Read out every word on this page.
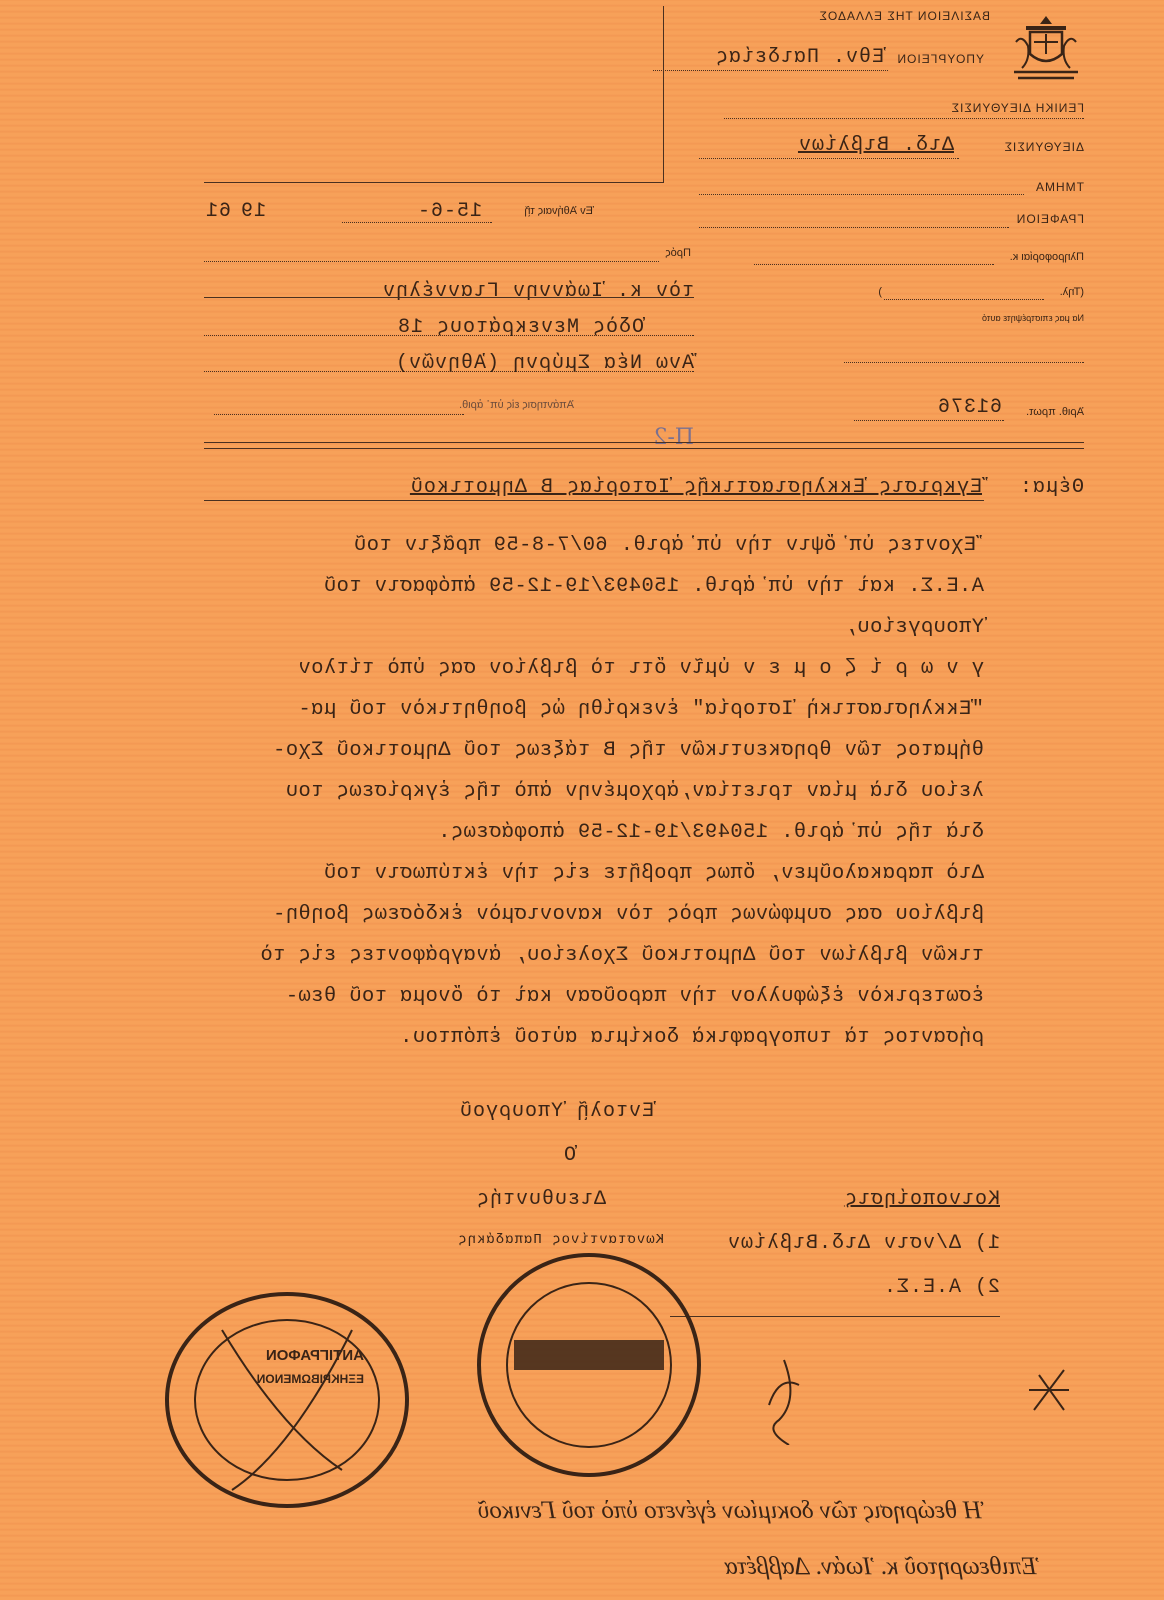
ΒΑΣΙΛΕΙΟΝ ΤΗΣ ΕΛΛΑΔΟΣ
ΥΠΟΥΡΓΕΙΟΝ
Ἐθν. Παιδείας
ΓΕΝΙΚΗ ΔΙΕΥΘΥΝΣΙΣ
ΔΙΕΥΘΥΝΣΙΣ
Διδ. Βιβλίων
ΤΜΗΜΑ
ΓΡΑΦΕΙΟΝ
Πληροφορίαι κ.
(Τηλ.
)
Να μας επιστρέψητε αυτό
Ἀριθ. πρωτ.
61376
Ἀπάντησις εἰς ὑπ᾿ ἀριθ.
Ἐν Ἀθήναις τῇ
15-6-
19
61
Πρός
τὸν κ. Ἰωάννην Γιαννέλην
Ὁδὸς Μενεκράτους 18
Ἄνω Νέα Σμύρνη (Ἀθηνῶν)
Π-2
Θέμα:
Ἔγκρισις Ἐκκλησιαστικῆς Ἱστορίας Β Δημοτικοῦ
Ἔχοντες ὑπ᾿ὄψιν τὴν ὑπ᾿ἀριθ. 60/7-8-59 πρᾶξιν τοῦ
Α.Ε.Σ. καὶ τὴν ὑπ᾿ἀριθ. 150493/19-12-59 ἀπόφασιν τοῦ
Ὑπουργείου,
γ ν ω ρ ί ζ ο μ ε ν ὑμῖν ὅτι τὸ βιβλίον σας ὑπὸ τίτλον
"Ἐκκλησιαστικὴ Ἱστορία" ἐνεκρίθη ὡς βοηθητικὸν τοῦ μα-
θήματος τῶν θρησκευτικῶν τῆς Β τάξεως τοῦ Δημοτικοῦ Σχο-
λείου διὰ μίαν τριετίαν,ἀρχομένην ἀπὸ τῆς ἐγκρίσεως του
διὰ τῆς ὑπ᾿ἀριθ. 150493/19-12-59 ἀποφάσεως.
Διὸ παρακαλοῦμεν, ὅπως προβῆτε εἰς τὴν ἐκτύπωσιν τοῦ
βιβλίου σας συμφώνως πρὸς τὸν κανονισμὸν ἐκδόσεως βοηθη-
τικῶν βιβλίων τοῦ Δημοτικοῦ Σχολείου, ἀναγράφοντες εἰς τὸ
ἐσωτερικὸν ἐξώφυλλον τὴν παροῦσαν καὶ τὸ ὄνομα τοῦ θεω-
ρήσαντος τὰ τυπογραφικὰ δοκίμια αὐτοῦ ἐπόπτου.
Ἐντολῇ Ὑπουργοῦ
Ὁ
Διευθυντής
Κωνσταντίνος Παπαδάκης
Κοινοποίησις
1) Δ/νσιν Διδ.Βιβλίων
2) Α.Ε.Σ.
ΑΝΤΙΓΡΑΦΟΝ
ΕΞΗΚΡΙΒΩΜΕΝΟΝ
Ἡ θεώρησις τῶν δοκιμίων ἐγένετο ὑπὸ τοῦ Γενικοῦ
Ἐπιθεωρητοῦ κ. Ἰωάν. Δαββέτα
